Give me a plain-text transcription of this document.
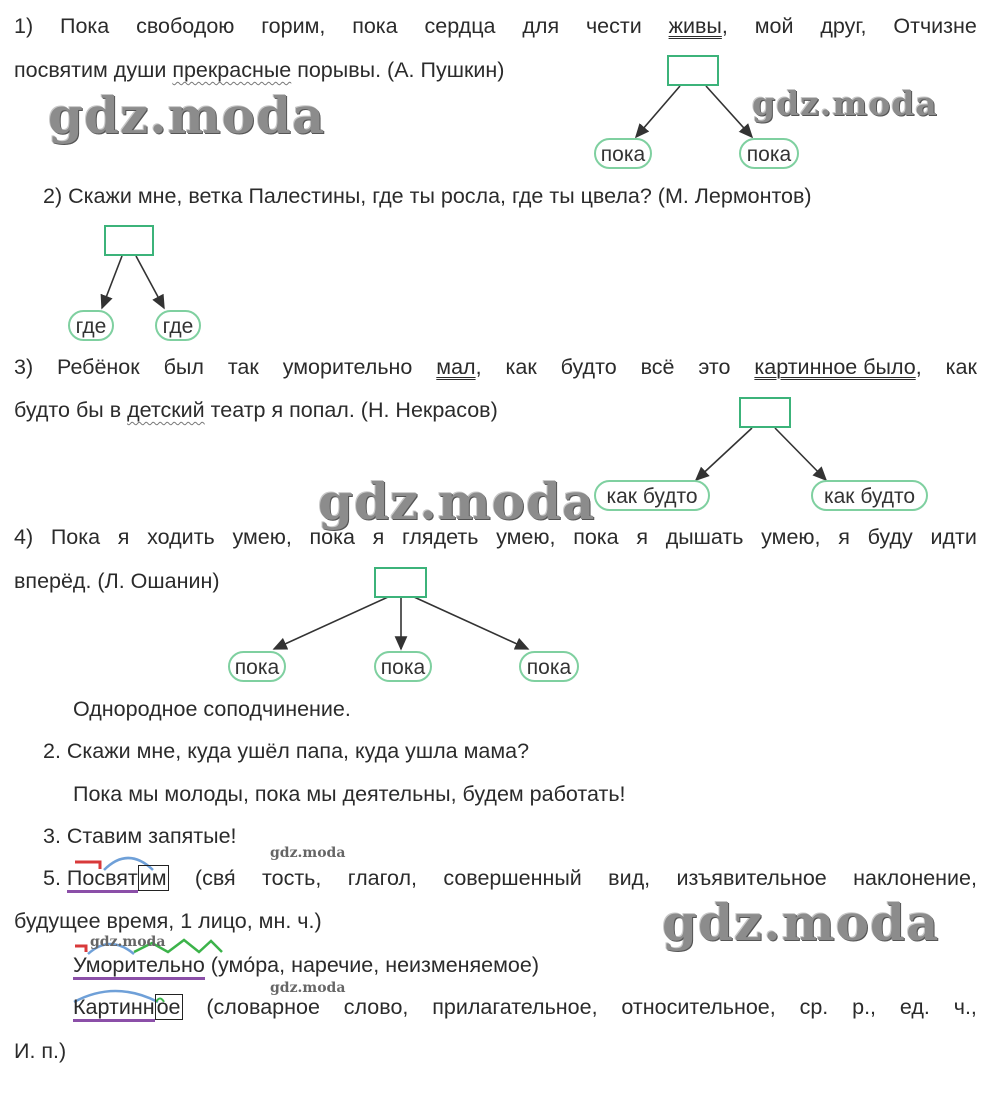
1) Пока свободою горим, пока сердца для чести живы, мой друг, Отчизне
посвятим души прекрасные порывы. (А. Пушкин)
пока	пока
2) Скажи мне, ветка Палестины, где ты росла, где ты цвела? (М. Лермонтов)
где	где
3) Ребёнок был так уморительно мал, как будто всё это картинное было, как
будто бы в детский театр я попал. (Н. Некрасов)
как будто	как будто
4) Пока я ходить умею, пока я глядеть умею, пока я дышать умею, я буду идти
вперёд. (Л. Ошанин)
пока	пока	пока
Однородное соподчинение.
2. Скажи мне, куда ушёл папа, куда ушла мама?
Пока мы молоды, пока мы деятельны, будем работать!
3. Ставим запятые!
5. Посвятим (свя тость, глагол, совершенный вид, изъявительное наклонение,
будущее время, 1 лицо, мн. ч.)
Уморительно (умо́ра, наречие, неизменяемое)
Картинное (словарное слово, прилагательное, относительное, ср. р., ед. ч.,
И. п.)
gdz.moda	gdz.moda
gdz.moda
gdz.moda
gdz.moda
gdz.moda
gdz.moda
